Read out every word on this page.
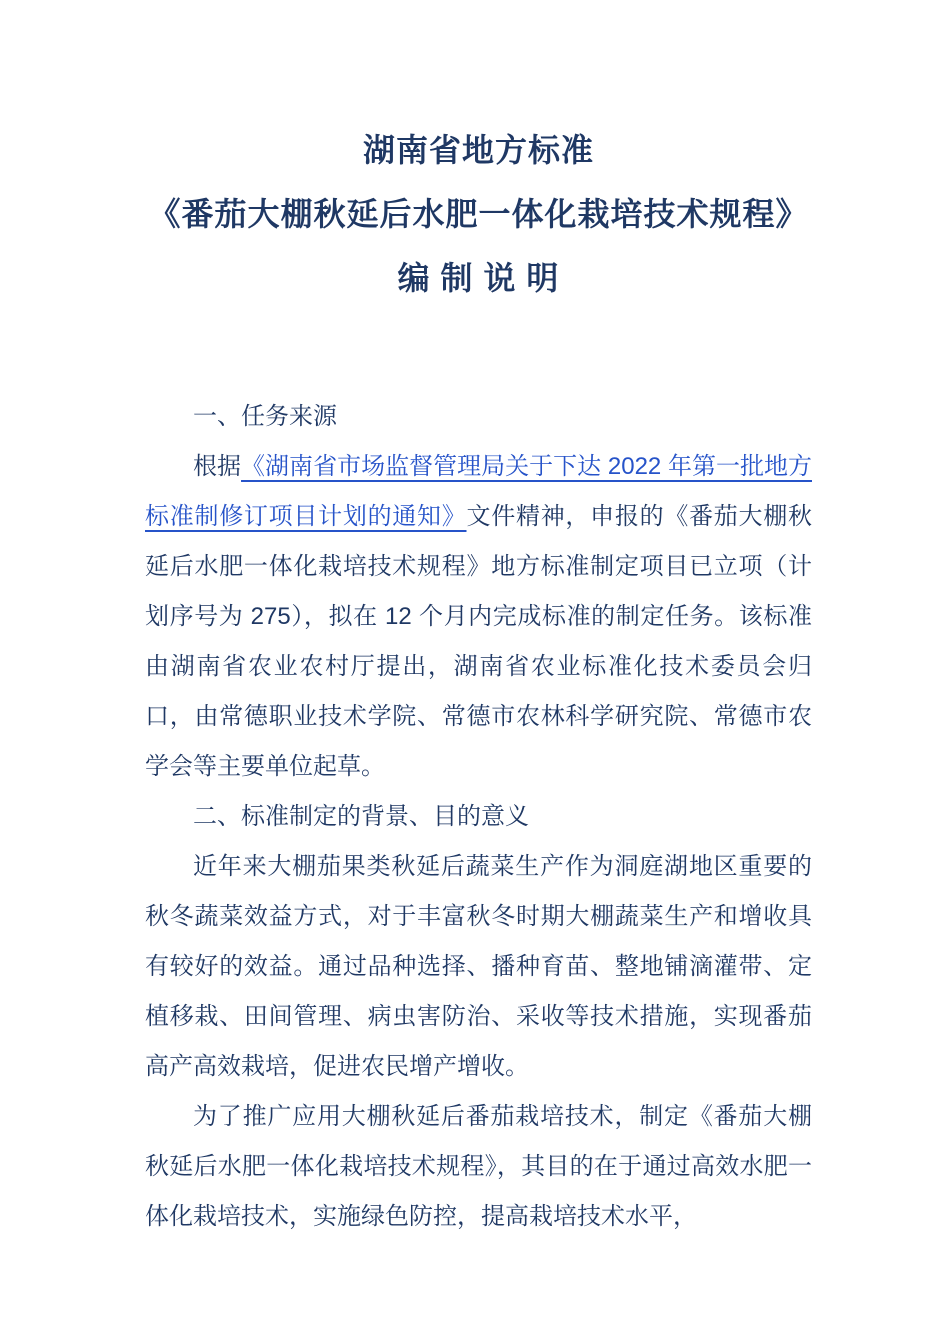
湖南省地方标准
《番茄大棚秋延后水肥一体化栽培技术规程》
编 制 说 明

一、任务来源

根据《湖南省市场监督管理局关于下达 2022 年第一批地方标准制修订项目计划的通知》文件精神，申报的《番茄大棚秋延后水肥一体化栽培技术规程》地方标准制定项目已立项（计划序号为 275），拟在 12 个月内完成标准的制定任务。该标准由湖南省农业农村厅提出，湖南省农业标准化技术委员会归口，由常德职业技术学院、常德市农林科学研究院、常德市农学会等主要单位起草。

二、标准制定的背景、目的意义

近年来大棚茄果类秋延后蔬菜生产作为洞庭湖地区重要的秋冬蔬菜效益方式，对于丰富秋冬时期大棚蔬菜生产和增收具有较好的效益。通过品种选择、播种育苗、整地铺滴灌带、定植移栽、田间管理、病虫害防治、采收等技术措施，实现番茄高产高效栽培，促进农民增产增收。

为了推广应用大棚秋延后番茄栽培技术，制定《番茄大棚秋延后水肥一体化栽培技术规程》，其目的在于通过高效水肥一体化栽培技术，实施绿色防控，提高栽培技术水平，
